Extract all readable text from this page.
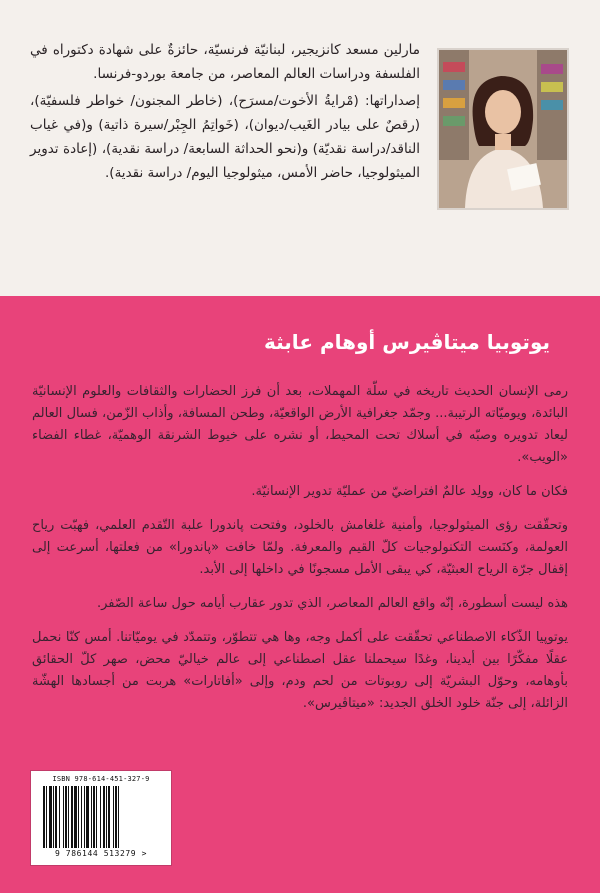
مارلين مسعد كانزيجير، لبنانيّة فرنسيّة، حائزةٌ على شهادة دكتوراه في الفلسفة ودراسات العالم المعاصر، من جامعة بوردو-فرنسا.

إصداراتها: (مْرايةُ الأخوت/مسرَح)، (خاطر المجنون/ خواطر فلسفيّة)، (رقصٌ على بيادر الغَيب/ديوان)، (خَواتِمُ الجِبْر/سيرة ذاتية) و(في غياب الناقد/دراسة نقديّة) و(نحو الحداثة السابعة/ دراسة نقدية)، (إعادة تدوير الميثولوجيا، حاضر الأمس، ميثولوجيا اليوم/ دراسة نقدية).

يوتوبيا ميتاڤيرس أوهام عابثة

رمى الإنسان الحديث تاريخه في سلّة المهملات، بعد أن فرز الحضارات والثقافات والعلوم الإنسانيّة البائدة، ويوميّاته الرتيبة... وجمّد جغرافية الأرض الواقعيّة، وطحن المسافة، وأذاب الزّمن، فسال العالم ليعاد تدويره وصبّه في أسلاك تحت المحيط، أو نشره على خيوط الشرنقة الوهميّة، غطاء الفضاء «الويب».

فكان ما كان، وولِد عالمٌ افتراضيّ من عمليّة تدوير الإنسانيّة.

وتحقّقت رؤى الميثولوجيا، وأمنية غلغامش بالخلود، وفتحت پاندورا علبة التّقدم العلمي، فهبّت رياح العولمة، وكنَست التكنولوجيات كلّ القيم والمعرفة. ولمّا خافت «پاندورا» من فعلتها، أسرعت إلى إقفال جرّة الرياح العبثيّة، كي يبقى الأمل مسجونًا في داخلها إلى الأبد.

هذه ليست أسطورة، إنّه واقع العالم المعاصر، الذي تدور عقارب أيامه حول ساعة الصّفر.

يوتوپيا الذّكاء الاصطناعي تحقّقت على أكمل وجه، وها هي تتطوّر، وتتمدّد في يوميّاتنا. أمس كنّا نحمل عقلًا مفكّرًا بين أيدينا، وغدًا سيحملنا عقل اصطناعي إلى عالم خياليّ محض، صهر كلّ الحقائق بأوهامه، وحوّل البشريّة إلى روبوتات من لحم ودم، وإلى «أفاتارات» هربت من أجسادها الهشّة الزائلة، إلى جنّة خلود الخلق الجديد: «ميتاڤيرس».

ISBN 978-614-451-327-9
9 786144 513279 >
